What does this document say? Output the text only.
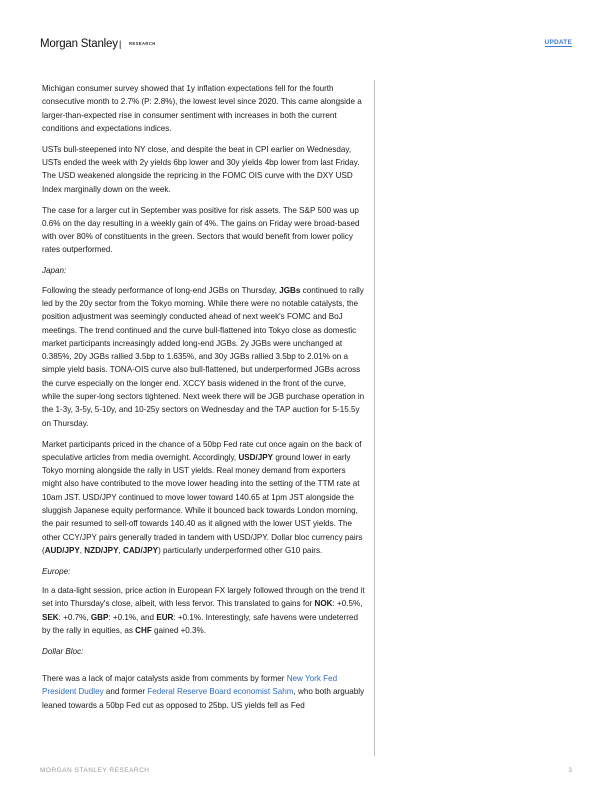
Morgan Stanley | RESEARCH	UPDATE

Michigan consumer survey showed that 1y inflation expectations fell for the fourth consecutive month to 2.7% (P: 2.8%), the lowest level since 2020. This came alongside a larger-than-expected rise in consumer sentiment with increases in both the current conditions and expectations indices.

USTs bull-steepened into NY close, and despite the beat in CPI earlier on Wednesday, USTs ended the week with 2y yields 6bp lower and 30y yields 4bp lower from last Friday. The USD weakened alongside the repricing in the FOMC OIS curve with the DXY USD Index marginally down on the week.

The case for a larger cut in September was positive for risk assets. The S&P 500 was up 0.6% on the day resulting in a weekly gain of 4%. The gains on Friday were broad-based with over 80% of constituents in the green. Sectors that would benefit from lower policy rates outperformed.

Japan:

Following the steady performance of long-end JGBs on Thursday, JGBs continued to rally led by the 20y sector from the Tokyo morning. While there were no notable catalysts, the position adjustment was seemingly conducted ahead of next week's FOMC and BoJ meetings. The trend continued and the curve bull-flattened into Tokyo close as domestic market participants increasingly added long-end JGBs. 2y JGBs were unchanged at 0.385%, 20y JGBs rallied 3.5bp to 1.635%, and 30y JGBs rallied 3.5bp to 2.01% on a simple yield basis. TONA-OIS curve also bull-flattened, but underperformed JGBs across the curve especially on the longer end. XCCY basis widened in the front of the curve, while the super-long sectors tightened. Next week there will be JGB purchase operation in the 1-3y, 3-5y, 5-10y, and 10-25y sectors on Wednesday and the TAP auction for 5-15.5y on Thursday.

Market participants priced in the chance of a 50bp Fed rate cut once again on the back of speculative articles from media overnight. Accordingly, USD/JPY ground lower in early Tokyo morning alongside the rally in UST yields. Real money demand from exporters might also have contributed to the move lower heading into the setting of the TTM rate at 10am JST. USD/JPY continued to move lower toward 140.65 at 1pm JST alongside the sluggish Japanese equity performance. While it bounced back towards London morning, the pair resumed to sell-off towards 140.40 as it aligned with the lower UST yields. The other CCY/JPY pairs generally traded in tandem with USD/JPY. Dollar bloc currency pairs (AUD/JPY, NZD/JPY, CAD/JPY) particularly underperformed other G10 pairs.

Europe:

In a data-light session, price action in European FX largely followed through on the trend it set into Thursday's close, albeit, with less fervor. This translated to gains for NOK: +0.5%, SEK: +0.7%, GBP: +0.1%, and EUR: +0.1%. Interestingly, safe havens were undeterred by the rally in equities, as CHF gained +0.3%.

Dollar Bloc:

There was a lack of major catalysts aside from comments by former New York Fed President Dudley and former Federal Reserve Board economist Sahm, who both arguably leaned towards a 50bp Fed cut as opposed to 25bp. US yields fell as Fed

MORGAN STANLEY RESEARCH	3
